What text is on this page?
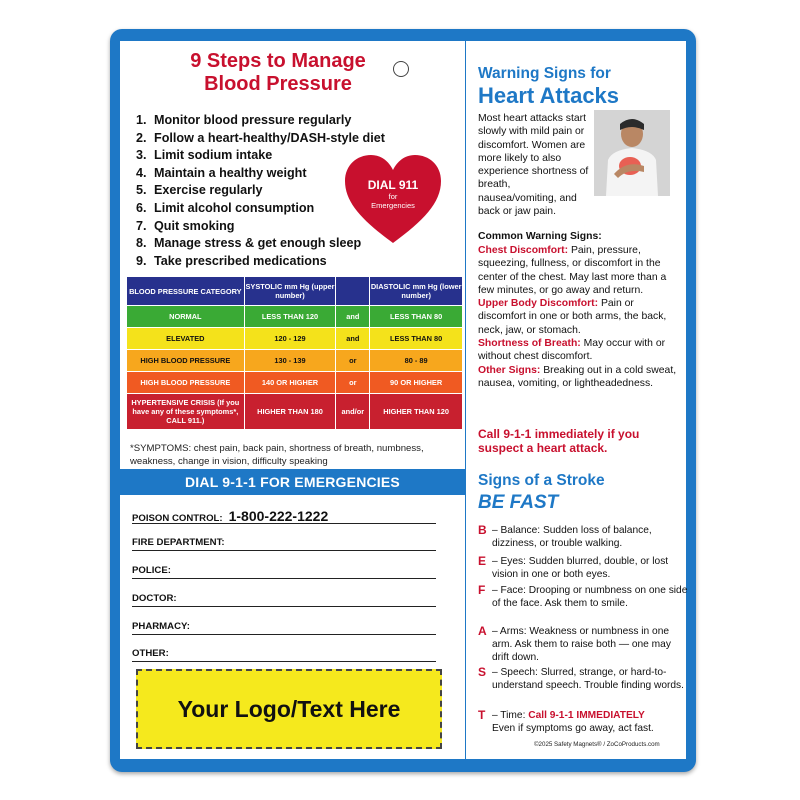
DIAL 9-1-1 FOR EMERGENCIES
9 Steps to Manage
Blood Pressure
1. Monitor blood pressure regularly
2. Follow a heart-healthy/DASH-style diet
3. Limit sodium intake
4. Maintain a healthy weight
5. Exercise regularly
6. Limit alcohol consumption
7. Quit smoking
8. Manage stress & get enough sleep
9. Take prescribed medications
DIAL 911
for
Emergencies
BLOOD PRESSURE CATEGORY	SYSTOLIC mm Hg (upper number)		DIASTOLIC mm Hg (lower number)
NORMAL	LESS THAN 120	and	LESS THAN 80
ELEVATED	120 - 129	and	LESS THAN 80
HIGH BLOOD PRESSURE	130 - 139	or	80 - 89
HIGH BLOOD PRESSURE	140 OR HIGHER	or	90 OR HIGHER
HYPERTENSIVE CRISIS (If you have any of these symptoms*, CALL 911.)	HIGHER THAN 180	and/or	HIGHER THAN 120
*SYMPTOMS: chest pain, back pain, shortness of breath, numbness, weakness, change in vision, difficulty speaking
POISON CONTROL: 1-800-222-1222
FIRE DEPARTMENT:
POLICE:
DOCTOR:
PHARMACY:
OTHER:
Your Logo/Text Here
Warning Signs for
Heart Attacks
Most heart attacks start slowly with mild pain or discomfort. Women are more likely to also experience shortness of breath, nausea/vomiting, and back or jaw pain.
Common Warning Signs:
Chest Discomfort: Pain, pressure, squeezing, fullness, or discomfort in the center of the chest. May last more than a few minutes, or go away and return.
Upper Body Discomfort: Pain or discomfort in one or both arms, the back, neck, jaw, or stomach.
Shortness of Breath: May occur with or without chest discomfort.
Other Signs: Breaking out in a cold sweat, nausea, vomiting, or lightheadedness.
Call 9-1-1 immediately if you suspect a heart attack.
Signs of a Stroke
BE FAST
B – Balance: Sudden loss of balance, dizziness, or trouble walking.
E – Eyes: Sudden blurred, double, or lost vision in one or both eyes.
F – Face: Drooping or numbness on one side of the face. Ask them to smile.
A – Arms: Weakness or numbness in one arm. Ask them to raise both — one may drift down.
S – Speech: Slurred, strange, or hard-to-understand speech. Trouble finding words.
T – Time: Call 9-1-1 IMMEDIATELY
Even if symptoms go away, act fast.
©2025 Safety Magnets® / ZoCoProducts.com
